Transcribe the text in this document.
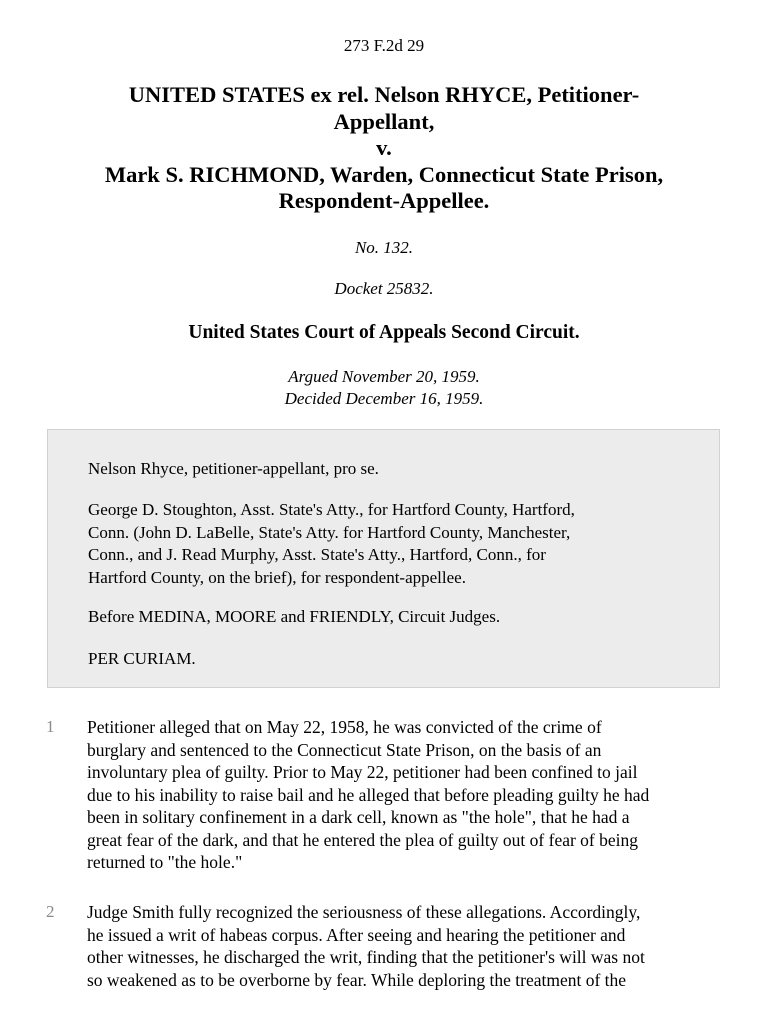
273 F.2d 29
UNITED STATES ex rel. Nelson RHYCE, Petitioner-
Appellant,
v.
Mark S. RICHMOND, Warden, Connecticut State Prison,
Respondent-Appellee.
No. 132.
Docket 25832.
United States Court of Appeals Second Circuit.
Argued November 20, 1959.
Decided December 16, 1959.

Nelson Rhyce, petitioner-appellant, pro se.

George D. Stoughton, Asst. State's Atty., for Hartford County, Hartford,
Conn. (John D. LaBelle, State's Atty. for Hartford County, Manchester,
Conn., and J. Read Murphy, Asst. State's Atty., Hartford, Conn., for
Hartford County, on the brief), for respondent-appellee.

Before MEDINA, MOORE and FRIENDLY, Circuit Judges.

PER CURIAM.

1 Petitioner alleged that on May 22, 1958, he was convicted of the crime of
burglary and sentenced to the Connecticut State Prison, on the basis of an
involuntary plea of guilty. Prior to May 22, petitioner had been confined to jail
due to his inability to raise bail and he alleged that before pleading guilty he had
been in solitary confinement in a dark cell, known as "the hole", that he had a
great fear of the dark, and that he entered the plea of guilty out of fear of being
returned to "the hole."

2 Judge Smith fully recognized the seriousness of these allegations. Accordingly,
he issued a writ of habeas corpus. After seeing and hearing the petitioner and
other witnesses, he discharged the writ, finding that the petitioner's will was not
so weakened as to be overborne by fear. While deploring the treatment of the
